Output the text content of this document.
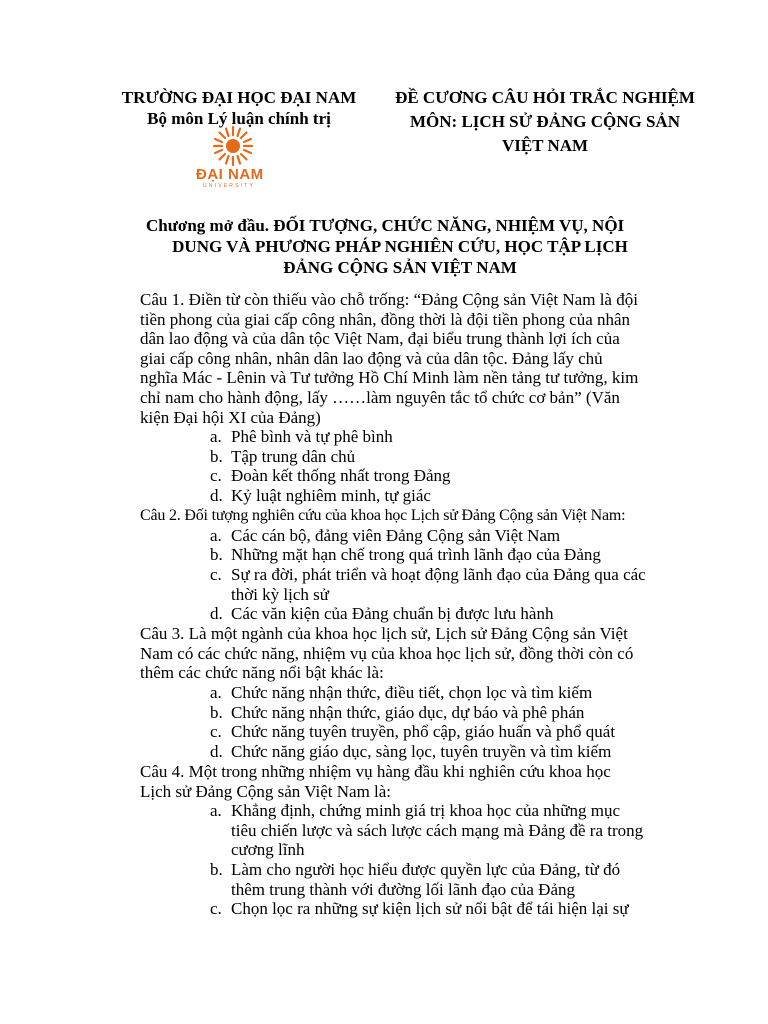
TRƯỜNG ĐẠI HỌC ĐẠI NAM
Bộ môn Lý luận chính trị
ĐẠI NAM
UNIVERSITY
ĐỀ CƯƠNG CÂU HỎI TRẮC NGHIỆM
MÔN: LỊCH SỬ ĐẢNG CỘNG SẢN
VIỆT NAM
Chương mở đầu. ĐỐI TƯỢNG, CHỨC NĂNG, NHIỆM VỤ, NỘI
DUNG VÀ PHƯƠNG PHÁP NGHIÊN CỨU, HỌC TẬP LỊCH
ĐẢNG CỘNG SẢN VIỆT NAM
Câu 1. Điền từ còn thiếu vào chỗ trống: “Đảng Cộng sản Việt Nam là đội
tiền phong của giai cấp công nhân, đồng thời là đội tiền phong của nhân
dân lao động và của dân tộc Việt Nam, đại biểu trung thành lợi ích của
giai cấp công nhân, nhân dân lao động và của dân tộc. Đảng lấy chủ
nghĩa Mác - Lênin và Tư tưởng Hồ Chí Minh làm nền tảng tư tưởng, kim
chỉ nam cho hành động, lấy ……làm nguyên tắc tổ chức cơ bản” (Văn
kiện Đại hội XI của Đảng)
a. Phê bình và tự phê bình
b. Tập trung dân chủ
c. Đoàn kết thống nhất trong Đảng
d. Kỷ luật nghiêm minh, tự giác
Câu 2. Đối tượng nghiên cứu của khoa học Lịch sử Đảng Cộng sản Việt Nam:
a. Các cán bộ, đảng viên Đảng Cộng sản Việt Nam
b. Những mặt hạn chế trong quá trình lãnh đạo của Đảng
c. Sự ra đời, phát triển và hoạt động lãnh đạo của Đảng qua các
thời kỳ lịch sử
d. Các văn kiện của Đảng chuẩn bị được lưu hành
Câu 3. Là một ngành của khoa học lịch sử, Lịch sử Đảng Cộng sản Việt
Nam có các chức năng, nhiệm vụ của khoa học lịch sử, đồng thời còn có
thêm các chức năng nổi bật khác là:
a. Chức năng nhận thức, điều tiết, chọn lọc và tìm kiếm
b. Chức năng nhận thức, giáo dục, dự báo và phê phán
c. Chức năng tuyên truyền, phổ cập, giáo huấn và phổ quát
d. Chức năng giáo dục, sàng lọc, tuyên truyền và tìm kiếm
Câu 4. Một trong những nhiệm vụ hàng đầu khi nghiên cứu khoa học
Lịch sử Đảng Cộng sản Việt Nam là:
a. Khẳng định, chứng minh giá trị khoa học của những mục
tiêu chiến lược và sách lược cách mạng mà Đảng đề ra trong
cương lĩnh
b. Làm cho người học hiểu được quyền lực của Đảng, từ đó
thêm trung thành với đường lối lãnh đạo của Đảng
c. Chọn lọc ra những sự kiện lịch sử nổi bật để tái hiện lại sự
